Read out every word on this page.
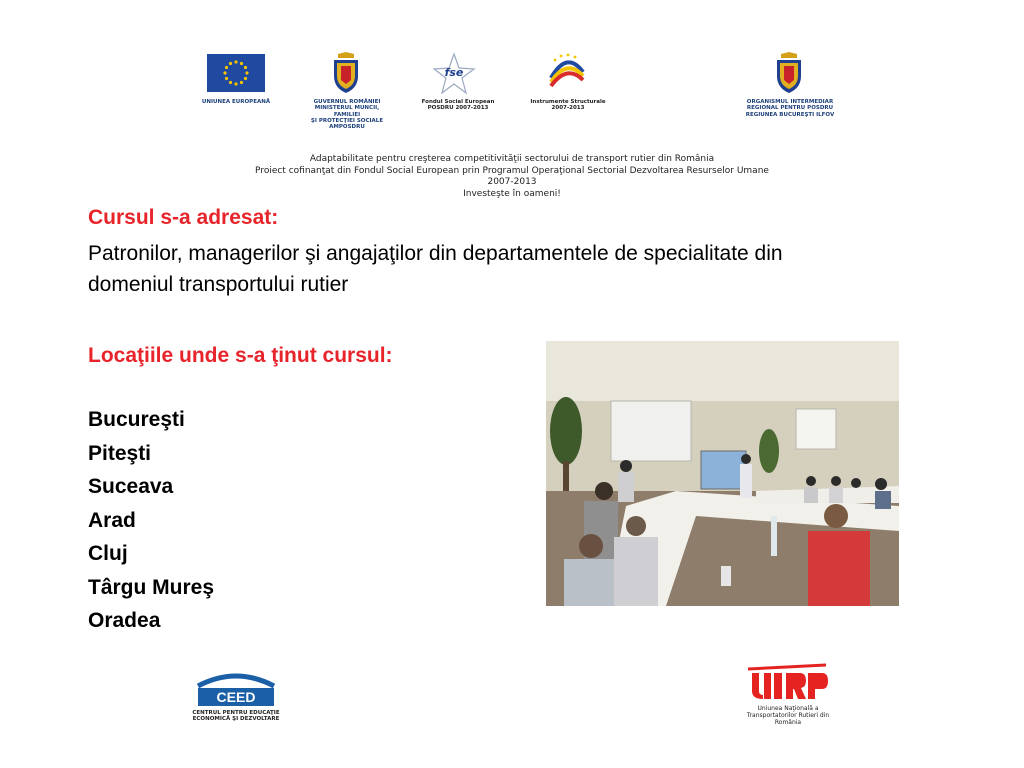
UNIUNEA EUROPEANĂ	GUVERNUL ROMÂNIEI
MINISTERUL MUNCII, FAMILIEI
ŞI PROTECŢIEI SOCIALE
AMPOSDRU
fse
Fondul Social European
POSDRU 2007-2013
Instrumente Structurale
2007-2013
ORGANISMUL INTERMEDIAR
REGIONAL PENTRU POSDRU
REGIUNEA BUCUREŞTI ILFOV
Adaptabilitate pentru creşterea competitivităţii sectorului de transport rutier din România
Proiect cofinanţat din Fondul Social European prin Programul Operaţional Sectorial Dezvoltarea Resurselor Umane
2007-2013
Investeşte în oameni!
Cursul s-a adresat:
Patronilor, managerilor şi angajaţilor din departamentele de specialitate din domeniul transportului rutier
Locaţiile unde s-a ţinut cursul:
Bucureşti
Piteşti
Suceava
Arad
Cluj
Târgu Mureş
Oradea
CEED
CENTRUL PENTRU EDUCAŢIE
ECONOMICĂ ŞI DEZVOLTARE
Uniunea Naţională a
Transportatorilor Rutieri din
România
